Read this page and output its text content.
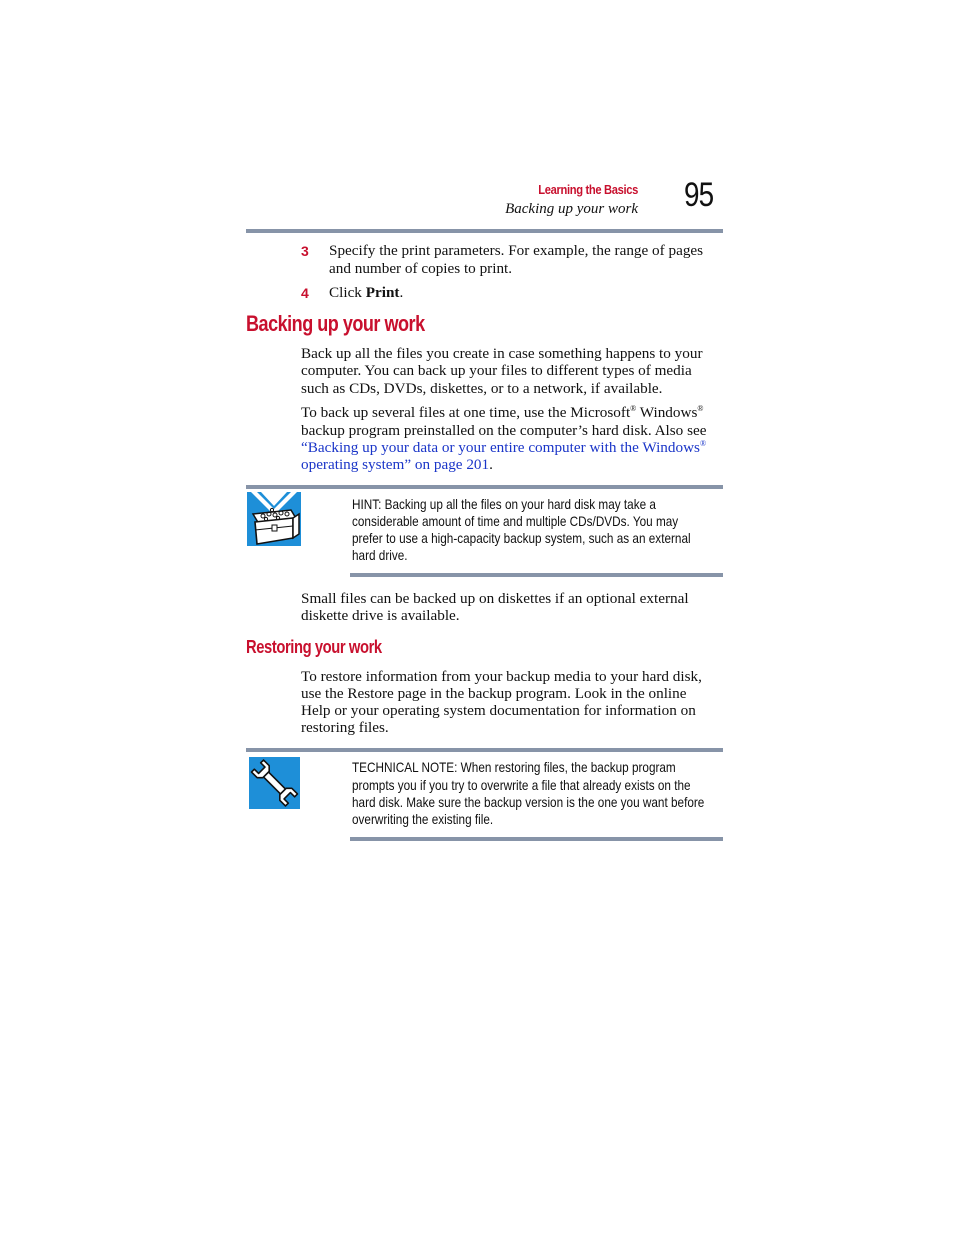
Learning the Basics
Backing up your work 95
3 Specify the print parameters. For example, the range of pages
and number of copies to print.
4 Click Print.
Backing up your work
Back up all the files you create in case something happens to your
computer. You can back up your files to different types of media
such as CDs, DVDs, diskettes, or to a network, if available.
To back up several files at one time, use the Microsoft® Windows®
backup program preinstalled on the computer’s hard disk. Also see
“Backing up your data or your entire computer with the Windows®
operating system” on page 201.
HINT: Backing up all the files on your hard disk may take a
considerable amount of time and multiple CDs/DVDs. You may
prefer to use a high-capacity backup system, such as an external
hard drive.
Small files can be backed up on diskettes if an optional external
diskette drive is available.
Restoring your work
To restore information from your backup media to your hard disk,
use the Restore page in the backup program. Look in the online
Help or your operating system documentation for information on
restoring files.
TECHNICAL NOTE: When restoring files, the backup program
prompts you if you try to overwrite a file that already exists on the
hard disk. Make sure the backup version is the one you want before
overwriting the existing file.
